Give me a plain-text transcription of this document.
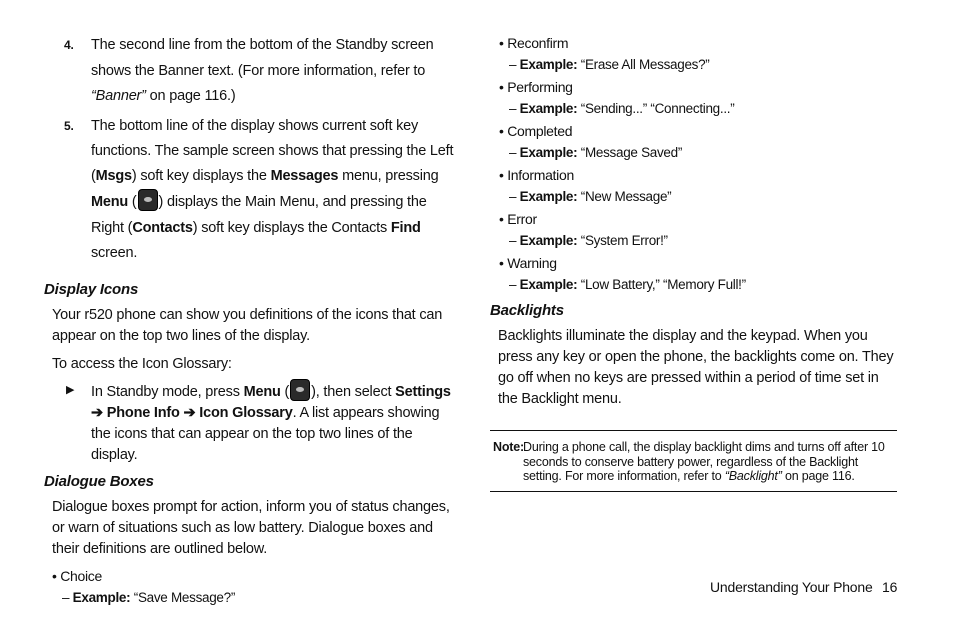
4. The second line from the bottom of the Standby screen shows the Banner text. (For more information, refer to “Banner” on page 116.)
5. The bottom line of the display shows current soft key functions. The sample screen shows that pressing the Left (Msgs) soft key displays the Messages menu, pressing Menu ( ) displays the Main Menu, and pressing the Right (Contacts) soft key displays the Contacts Find screen.
Display Icons

Your r520 phone can show you definitions of the icons that can appear on the top two lines of the display.

To access the Icon Glossary:

▶ In Standby mode, press Menu ( ), then select Settings ➔ Phone Info ➔ Icon Glossary. A list appears showing the icons that can appear on the top two lines of the display.
Dialogue Boxes

Dialogue boxes prompt for action, inform you of status changes, or warn of situations such as low battery. Dialogue boxes and their definitions are outlined below.

• Choice
– Example: “Save Message?”
• Reconfirm
– Example: “Erase All Messages?”
• Performing
– Example: “Sending...” “Connecting...”
• Completed
– Example: “Message Saved”
• Information
– Example: “New Message”
• Error
– Example: “System Error!”
• Warning
– Example: “Low Battery,” “Memory Full!”
Backlights

Backlights illuminate the display and the keypad. When you press any key or open the phone, the backlights come on. They go off when no keys are pressed within a period of time set in the Backlight menu.

Note: During a phone call, the display backlight dims and turns off after 10 seconds to conserve battery power, regardless of the Backlight setting. For more information, refer to “Backlight” on page 116.
Understanding Your Phone 16
